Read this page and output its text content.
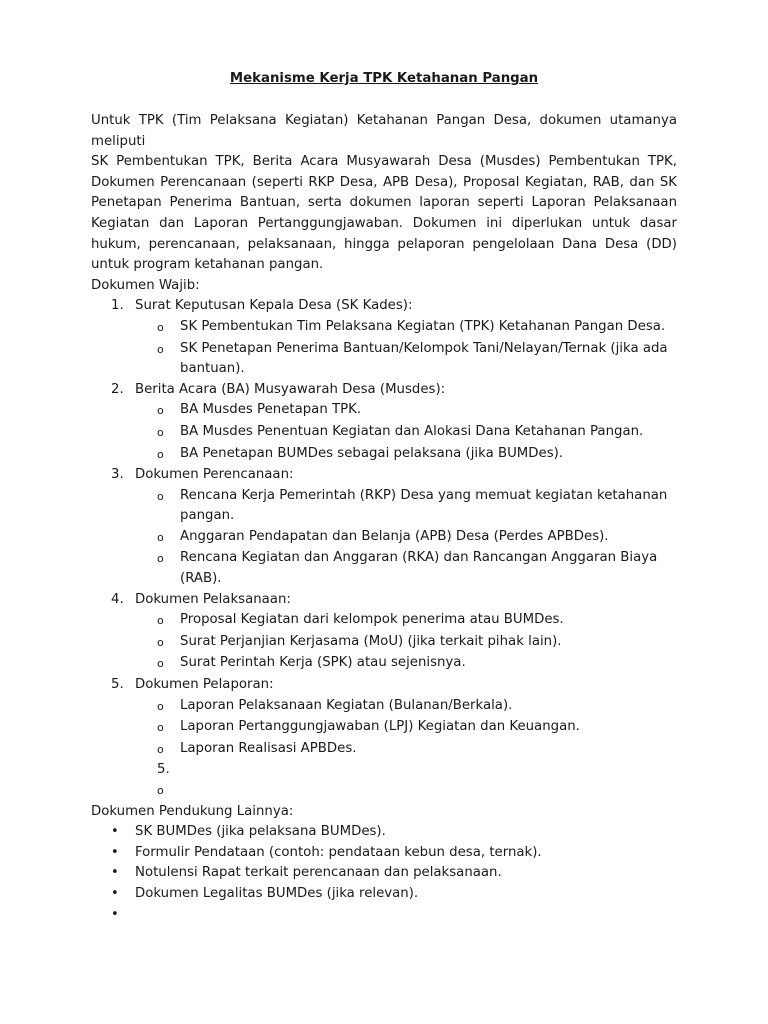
Mekanisme Kerja TPK Ketahanan Pangan

Untuk TPK (Tim Pelaksana Kegiatan) Ketahanan Pangan Desa, dokumen utamanya meliputi

SK Pembentukan TPK, Berita Acara Musyawarah Desa (Musdes) Pembentukan TPK, Dokumen Perencanaan (seperti RKP Desa, APB Desa), Proposal Kegiatan, RAB, dan SK Penetapan Penerima Bantuan, serta dokumen laporan seperti Laporan Pelaksanaan Kegiatan dan Laporan Pertanggungjawaban. Dokumen ini diperlukan untuk dasar hukum, perencanaan, pelaksanaan, hingga pelaporan pengelolaan Dana Desa (DD) untuk program ketahanan pangan.

Dokumen Wajib:

1. Surat Keputusan Kepala Desa (SK Kades):
o	SK Pembentukan Tim Pelaksana Kegiatan (TPK) Ketahanan Pangan Desa.
o	SK Penetapan Penerima Bantuan/Kelompok Tani/Nelayan/Ternak (jika ada bantuan).
2. Berita Acara (BA) Musyawarah Desa (Musdes):
o	BA Musdes Penetapan TPK.
o	BA Musdes Penentuan Kegiatan dan Alokasi Dana Ketahanan Pangan.
o	BA Penetapan BUMDes sebagai pelaksana (jika BUMDes).
3. Dokumen Perencanaan:
o	Rencana Kerja Pemerintah (RKP) Desa yang memuat kegiatan ketahanan pangan.
o	Anggaran Pendapatan dan Belanja (APB) Desa (Perdes APBDes).
o	Rencana Kegiatan dan Anggaran (RKA) dan Rancangan Anggaran Biaya (RAB).
4. Dokumen Pelaksanaan:
o	Proposal Kegiatan dari kelompok penerima atau BUMDes.
o	Surat Perjanjian Kerjasama (MoU) (jika terkait pihak lain).
o	Surat Perintah Kerja (SPK) atau sejenisnya.
5. Dokumen Pelaporan:
o	Laporan Pelaksanaan Kegiatan (Bulanan/Berkala).
o	Laporan Pertanggungjawaban (LPJ) Kegiatan dan Keuangan.
o	Laporan Realisasi APBDes.
5.
o

Dokumen Pendukung Lainnya:

•	SK BUMDes (jika pelaksana BUMDes).
•	Formulir Pendataan (contoh: pendataan kebun desa, ternak).
•	Notulensi Rapat terkait perencanaan dan pelaksanaan.
•	Dokumen Legalitas BUMDes (jika relevan).
•
